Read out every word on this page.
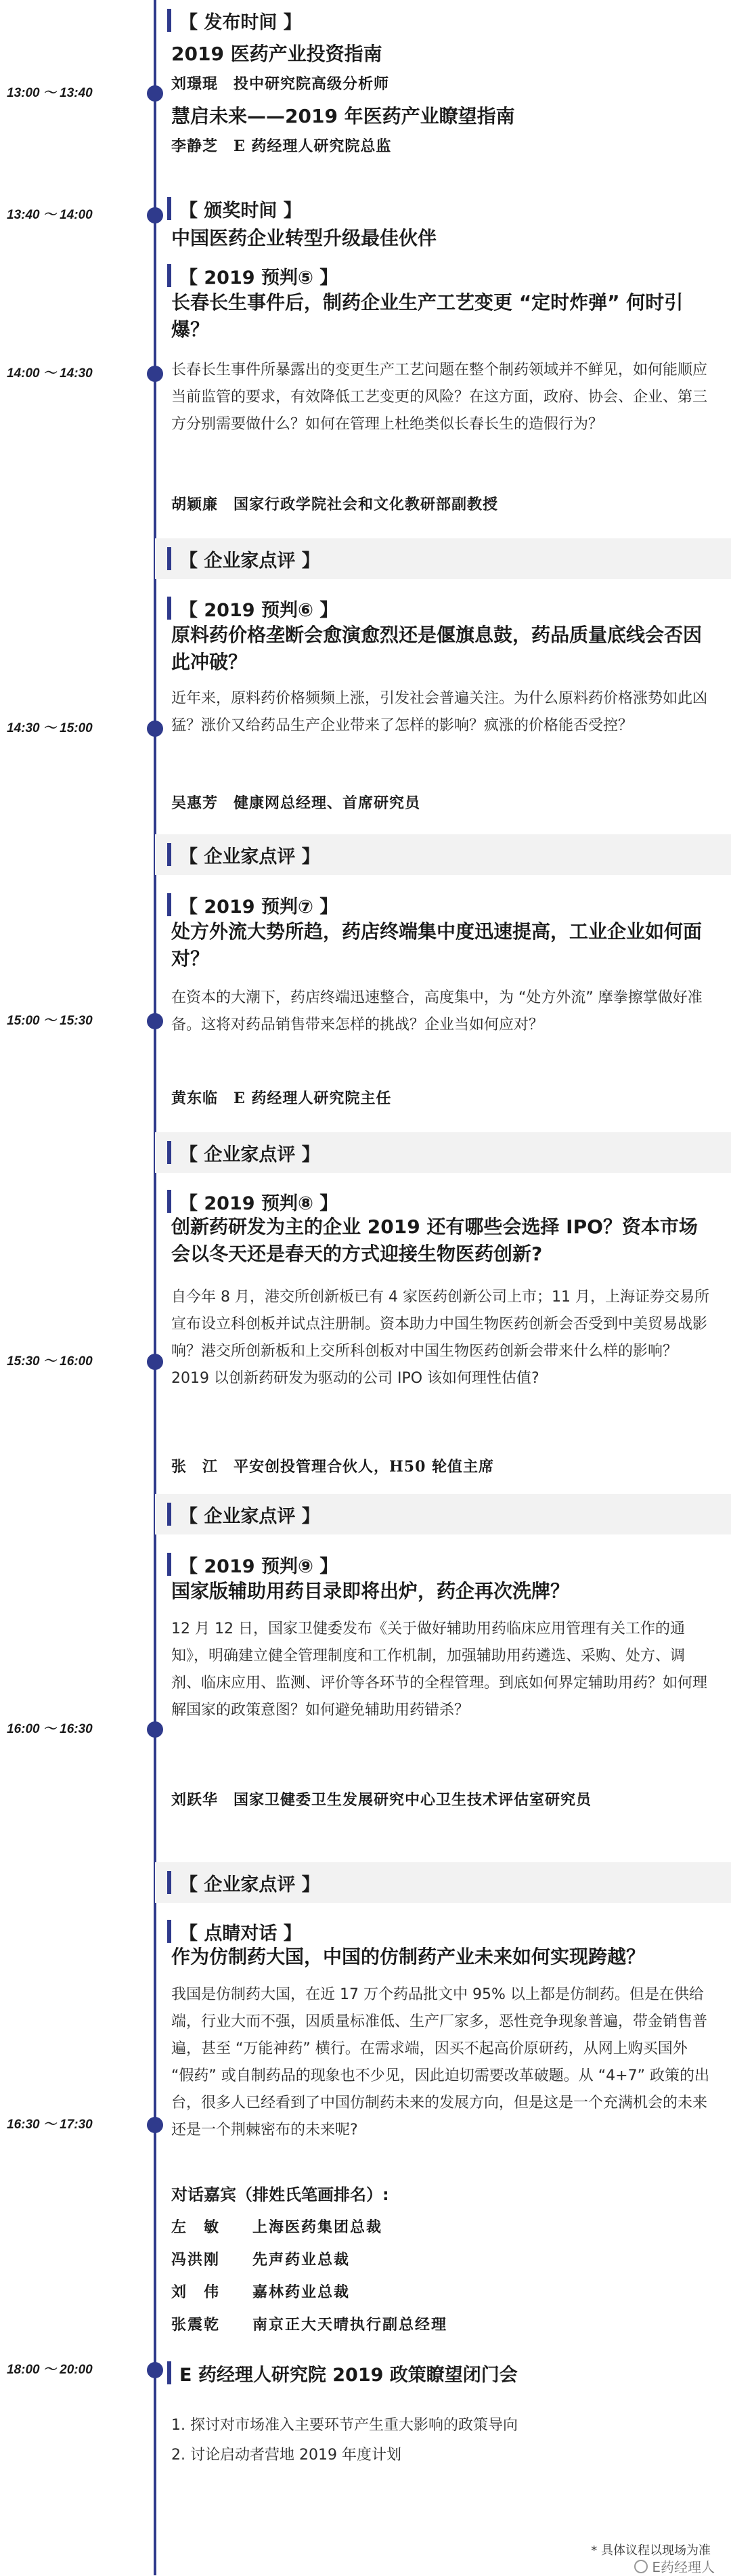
【 发布时间 】
2019 医药产业投资指南
刘璟琨　投中研究院高级分析师
慧启未来——2019 年医药产业瞭望指南
李静芝　E 药经理人研究院总监
13:00 ～ 13:40
【 颁奖时间 】
中国医药企业转型升级最佳伙伴
13:40 ～ 14:00
【 2019 预判⑤ 】
长春长生事件后，制药企业生产工艺变更 “定时炸弹” 何时引爆？
长春长生事件所暴露出的变更生产工艺问题在整个制药领域并不鲜见，如何能顺应当前监管的要求，有效降低工艺变更的风险？在这方面，政府、协会、企业、第三方分别需要做什么？如何在管理上杜绝类似长春长生的造假行为？
胡颖廉　国家行政学院社会和文化教研部副教授
14:00 ～ 14:30
【 企业家点评 】
【 2019 预判⑥ 】
原料药价格垄断会愈演愈烈还是偃旗息鼓，药品质量底线会否因此冲破？
近年来，原料药价格频频上涨，引发社会普遍关注。为什么原料药价格涨势如此凶猛？涨价又给药品生产企业带来了怎样的影响？疯涨的价格能否受控？
吴惠芳　健康网总经理、首席研究员
14:30 ～ 15:00
【 企业家点评 】
【 2019 预判⑦ 】
处方外流大势所趋，药店终端集中度迅速提高，工业企业如何面对？
在资本的大潮下，药店终端迅速整合，高度集中，为 “处方外流” 摩拳擦掌做好准备。这将对药品销售带来怎样的挑战？企业当如何应对？
黄东临　E 药经理人研究院主任
15:00 ～ 15:30
【 企业家点评 】
【 2019 预判⑧ 】
创新药研发为主的企业 2019 还有哪些会选择 IPO？资本市场会以冬天还是春天的方式迎接生物医药创新?
自今年 8 月，港交所创新板已有 4 家医药创新公司上市；11 月，上海证券交易所宣布设立科创板并试点注册制。资本助力中国生物医药创新会否受到中美贸易战影响？港交所创新板和上交所科创板对中国生物医药创新会带来什么样的影响？ 2019 以创新药研发为驱动的公司 IPO 该如何理性估值?
张　江　平安创投管理合伙人，H50 轮值主席
15:30 ～ 16:00
【 企业家点评 】
【 2019 预判⑨ 】
国家版辅助用药目录即将出炉，药企再次洗牌？
12 月 12 日，国家卫健委发布《关于做好辅助用药临床应用管理有关工作的通知》，明确建立健全管理制度和工作机制，加强辅助用药遴选、采购、处方、调剂、临床应用、监测、评价等各环节的全程管理。到底如何界定辅助用药？如何理解国家的政策意图？如何避免辅助用药错杀？
刘跃华　国家卫健委卫生发展研究中心卫生技术评估室研究员
16:00 ～ 16:30
【 企业家点评 】
【 点睛对话 】
作为仿制药大国，中国的仿制药产业未来如何实现跨越？
我国是仿制药大国，在近 17 万个药品批文中 95% 以上都是仿制药。但是在供给端，行业大而不强，因质量标准低、生产厂家多，恶性竞争现象普遍，带金销售普遍，甚至 “万能神药” 横行。在需求端，因买不起高价原研药，从网上购买国外 “假药” 或自制药品的现象也不少见，因此迫切需要改革破题。从 “4+7” 政策的出台，很多人已经看到了中国仿制药未来的发展方向，但是这是一个充满机会的未来还是一个荆棘密布的未来呢?
对话嘉宾（排姓氏笔画排名）:
左　敏 上海医药集团总裁
冯洪刚 先声药业总裁
刘　伟 嘉林药业总裁
张震乾 南京正大天晴执行副总经理
16:30 ～ 17:30
E 药经理人研究院 2019 政策瞭望闭门会
1. 探讨对市场准入主要环节产生重大影响的政策导向
2. 讨论启动者营地 2019 年度计划
18:00 ～ 20:00
* 具体议程以现场为准
E药经理人
